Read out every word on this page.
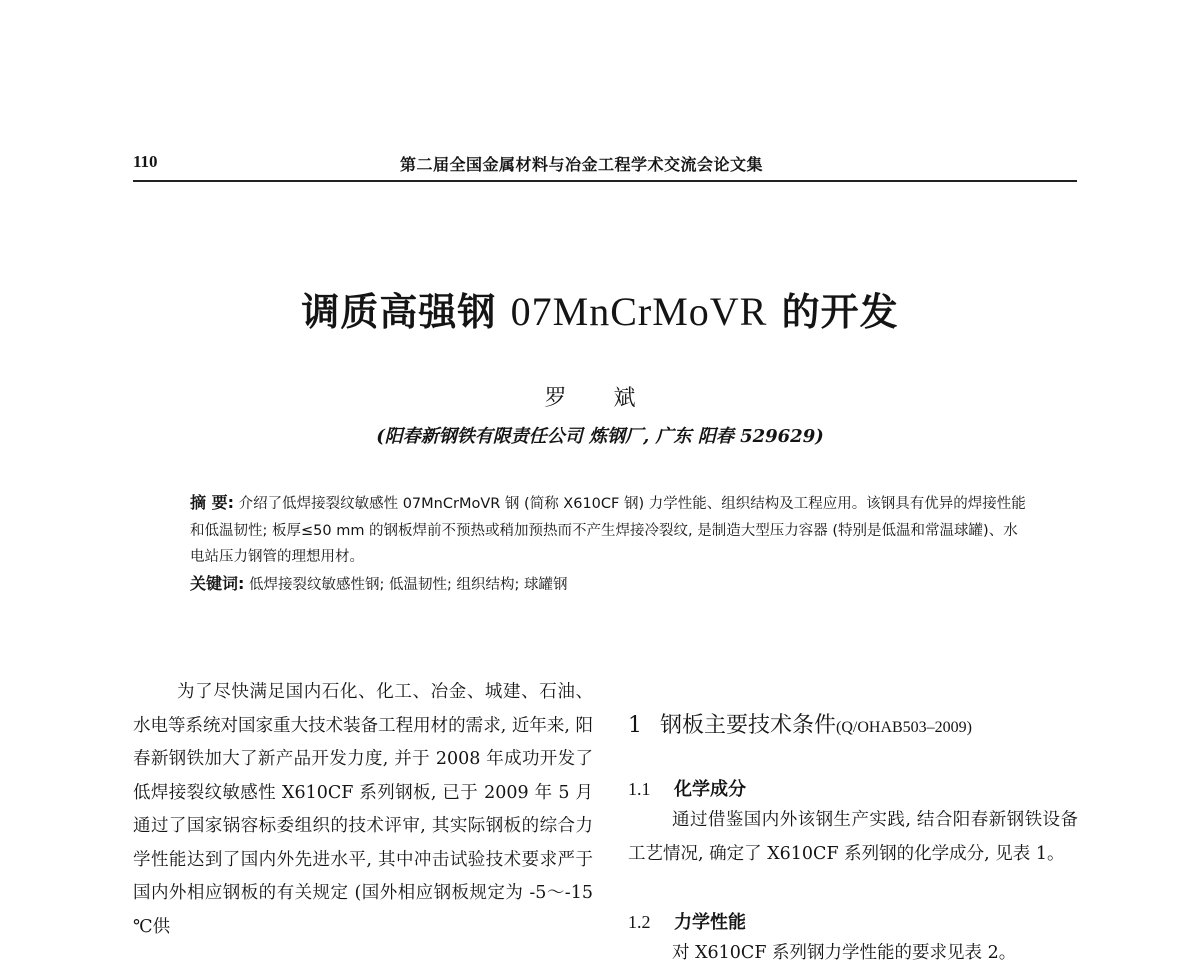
110	第二届全国金属材料与冶金工程学术交流会论文集
调质高强钢 07MnCrMoVR 的开发
罗 斌
(阳春新钢铁有限责任公司 炼钢厂, 广东 阳春 529629)

摘 要: 介绍了低焊接裂纹敏感性 07MnCrMoVR 钢 (简称 X610CF 钢) 力学性能、组织结构及工程应用。该钢具有优异的焊接性能和低温韧性; 板厚≤50 mm 的钢板焊前不预热或稍加预热而不产生焊接冷裂纹, 是制造大型压力容器 (特别是低温和常温球罐)、水电站压力钢管的理想用材。

关键词: 低焊接裂纹敏感性钢; 低温韧性; 组织结构; 球罐钢

为了尽快满足国内石化、化工、冶金、城建、石油、水电等系统对国家重大技术装备工程用材的需求, 近年来, 阳春新钢铁加大了新产品开发力度, 并于 2008 年成功开发了低焊接裂纹敏感性 X610CF 系列钢板, 已于 2009 年 5 月通过了国家锅容标委组织的技术评审, 其实际钢板的综合力学性能达到了国内外先进水平, 其中冲击试验技术要求严于国内外相应钢板的有关规定 (国外相应钢板规定为 -5～-15 ℃供

1 钢板主要技术条件(Q/OHAB503–2009)
1.1 化学成分

通过借鉴国内外该钢生产实践, 结合阳春新钢铁设备工艺情况, 确定了 X610CF 系列钢的化学成分, 见表 1。

1.2 力学性能

对 X610CF 系列钢力学性能的要求见表 2。
